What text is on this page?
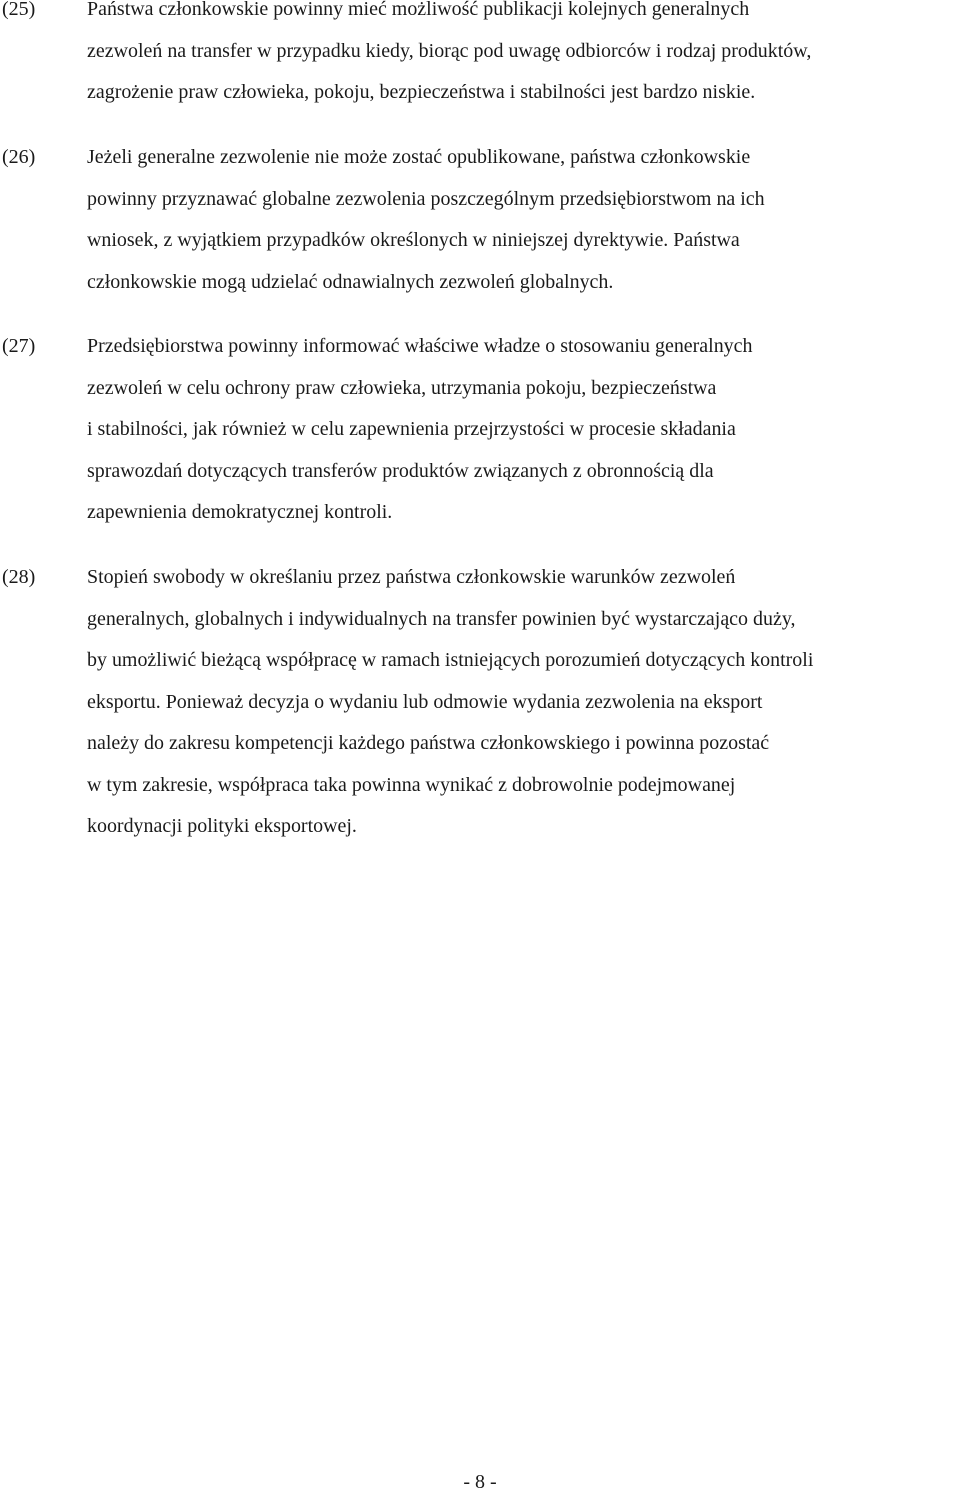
(25)	Państwa członkowskie powinny mieć możliwość publikacji kolejnych generalnych
zezwoleń na transfer w przypadku kiedy, biorąc pod uwagę odbiorców i rodzaj produktów,
zagrożenie praw człowieka, pokoju, bezpieczeństwa i stabilności jest bardzo niskie.
(26)	Jeżeli generalne zezwolenie nie może zostać opublikowane, państwa członkowskie
powinny przyznawać globalne zezwolenia poszczególnym przedsiębiorstwom na ich
wniosek, z wyjątkiem przypadków określonych w niniejszej dyrektywie. Państwa
członkowskie mogą udzielać odnawialnych zezwoleń globalnych.
(27)	Przedsiębiorstwa powinny informować właściwe władze o stosowaniu generalnych
zezwoleń w celu ochrony praw człowieka, utrzymania pokoju, bezpieczeństwa
i stabilności, jak również w celu zapewnienia przejrzystości w procesie składania
sprawozdań dotyczących transferów produktów związanych z obronnością dla
zapewnienia demokratycznej kontroli.
(28)	Stopień swobody w określaniu przez państwa członkowskie warunków zezwoleń
generalnych, globalnych i indywidualnych na transfer powinien być wystarczająco duży,
by umożliwić bieżącą współpracę w ramach istniejących porozumień dotyczących kontroli
eksportu. Ponieważ decyzja o wydaniu lub odmowie wydania zezwolenia na eksport
należy do zakresu kompetencji każdego państwa członkowskiego i powinna pozostać
w tym zakresie, współpraca taka powinna wynikać z dobrowolnie podejmowanej
koordynacji polityki eksportowej.
- 8 -
